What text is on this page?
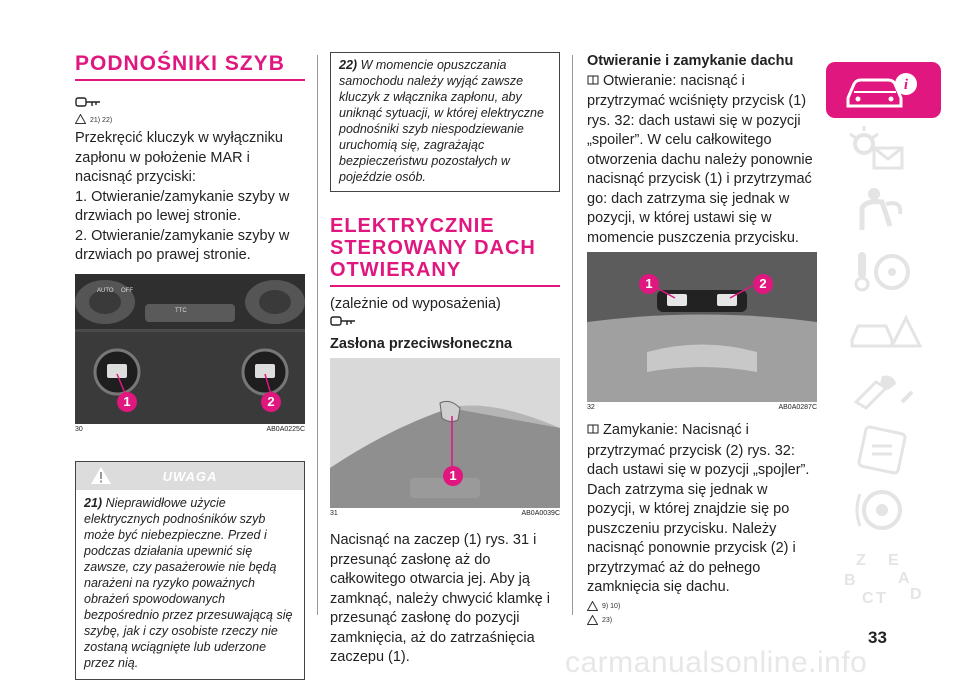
PODNOŚNIKI SZYB
21) 22)

Przekręcić kluczyk w wyłączniku zapłonu w położenie MAR i nacisnąć przyciski:

1. Otwieranie/zamykanie szyby w drzwiach po lewej stronie.

2. Otwieranie/zamykanie szyby w drzwiach po prawej stronie.

AUTO OFF
TTC
1	2
30	AB0A0225C
UWAGA

21) Nieprawidłowe użycie elektrycznych podnośników szyb może być niebezpieczne. Przed i podczas działania upewnić się zawsze, czy pasażerowie nie będą narażeni na ryzyko poważnych obrażeń spowodowanych bezpośrednio przez przesuwającą się szybę, jak i czy osobiste rzeczy nie zostaną wciągnięte lub uderzone przez nią.

22) W momencie opuszczania samochodu należy wyjąć zawsze kluczyk z włącznika zapłonu, aby uniknąć sytuacji, w której elektryczne podnośniki szyb niespodziewanie uruchomią się, zagrażając bezpieczeństwu pozostałych w pojeździe osób.

ELEKTRYCZNIE STEROWANY DACH OTWIERANY

(zależnie od wyposażenia)

Zasłona przeciwsłoneczna

1
31	AB0A0039C

Nacisnąć na zaczep (1) rys. 31 i przesunąć zasłonę aż do całkowitego otwarcia jej. Aby ją zamknąć, należy chwycić klamkę i przesunąć zasłonę do pozycji zamknięcia, aż do zatrzaśnięcia zaczepu (1).

Otwieranie i zamykanie dachu

Otwieranie: nacisnąć i przytrzymać wciśnięty przycisk (1) rys. 32: dach ustawi się w pozycji „spoiler”. W celu całkowitego otworzenia dachu należy ponownie nacisnąć przycisk (1) i przytrzymać go: dach zatrzyma się jednak w pozycji, w której ustawi się w momencie puszczenia przycisku.

1	2
32	AB0A0287C

Zamykanie: Nacisnąć i przytrzymać przycisk (2) rys. 32: dach ustawi się w pozycji „spojler”. Dach zatrzyma się jednak w pozycji, w której znajdzie się po puszczeniu przycisku. Należy nacisnąć ponownie przycisk (2) i przytrzymać aż do pełnego zamknięcia się dachu.

9) 10)
23)
i
Z E
B	A
C T D
33
carmanualsonline.info
